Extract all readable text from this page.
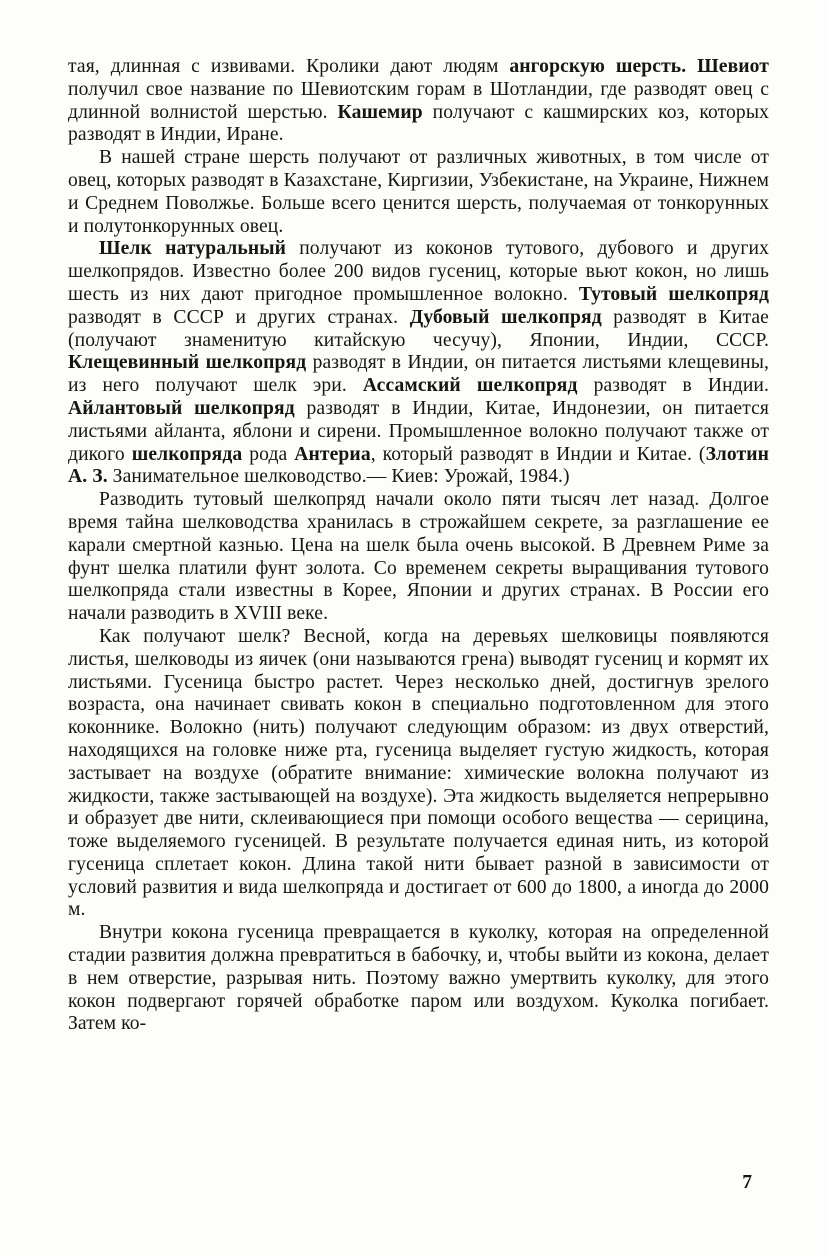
тая, длинная с извивами. Кролики дают людям ангорскую шерсть. Шевиот получил свое название по Шевиотским горам в Шотландии, где разводят овец с длинной волнистой шерстью. Кашемир получают с кашмирских коз, которых разводят в Индии, Иране.

В нашей стране шерсть получают от различных животных, в том числе от овец, которых разводят в Казахстане, Киргизии, Узбекистане, на Украине, Нижнем и Среднем Поволжье. Больше всего ценится шерсть, получаемая от тонкорунных и полутонкорунных овец.

Шелк натуральный получают из коконов тутового, дубового и других шелкопрядов. Известно более 200 видов гусениц, которые вьют кокон, но лишь шесть из них дают пригодное промышленное волокно. Тутовый шелкопряд разводят в СССР и других странах. Дубовый шелкопряд разводят в Китае (получают знаменитую китайскую чесучу), Японии, Индии, СССР. Клещевинный шелкопряд разводят в Индии, он питается листьями клещевины, из него получают шелк эри. Ассамский шелкопряд разводят в Индии. Айлантовый шелкопряд разводят в Индии, Китае, Индонезии, он питается листьями айланта, яблони и сирени. Промышленное волокно получают также от дикого шелкопряда рода Антериа, который разводят в Индии и Китае. (Злотин А. З. Занимательное шелководство.— Киев: Урожай, 1984.)

Разводить тутовый шелкопряд начали около пяти тысяч лет назад. Долгое время тайна шелководства хранилась в строжайшем секрете, за разглашение ее карали смертной казнью. Цена на шелк была очень высокой. В Древнем Риме за фунт шелка платили фунт золота. Со временем секреты выращивания тутового шелкопряда стали известны в Корее, Японии и других странах. В России его начали разводить в XVIII веке.

Как получают шелк? Весной, когда на деревьях шелковицы появляются листья, шелководы из яичек (они называются грена) выводят гусениц и кормят их листьями. Гусеница быстро растет. Через несколько дней, достигнув зрелого возраста, она начинает свивать кокон в специально подготовленном для этого коконнике. Волокно (нить) получают следующим образом: из двух отверстий, находящихся на головке ниже рта, гусеница выделяет густую жидкость, которая застывает на воздухе (обратите внимание: химические волокна получают из жидкости, также застывающей на воздухе). Эта жидкость выделяется непрерывно и образует две нити, склеивающиеся при помощи особого вещества — серицина, тоже выделяемого гусеницей. В результате получается единая нить, из которой гусеница сплетает кокон. Длина такой нити бывает разной в зависимости от условий развития и вида шелкопряда и достигает от 600 до 1800, а иногда до 2000 м.

Внутри кокона гусеница превращается в куколку, которая на определенной стадии развития должна превратиться в бабочку, и, чтобы выйти из кокона, делает в нем отверстие, разрывая нить. Поэтому важно умертвить куколку, для этого кокон подвергают горячей обработке паром или воздухом. Куколка погибает. Затем ко-

7
